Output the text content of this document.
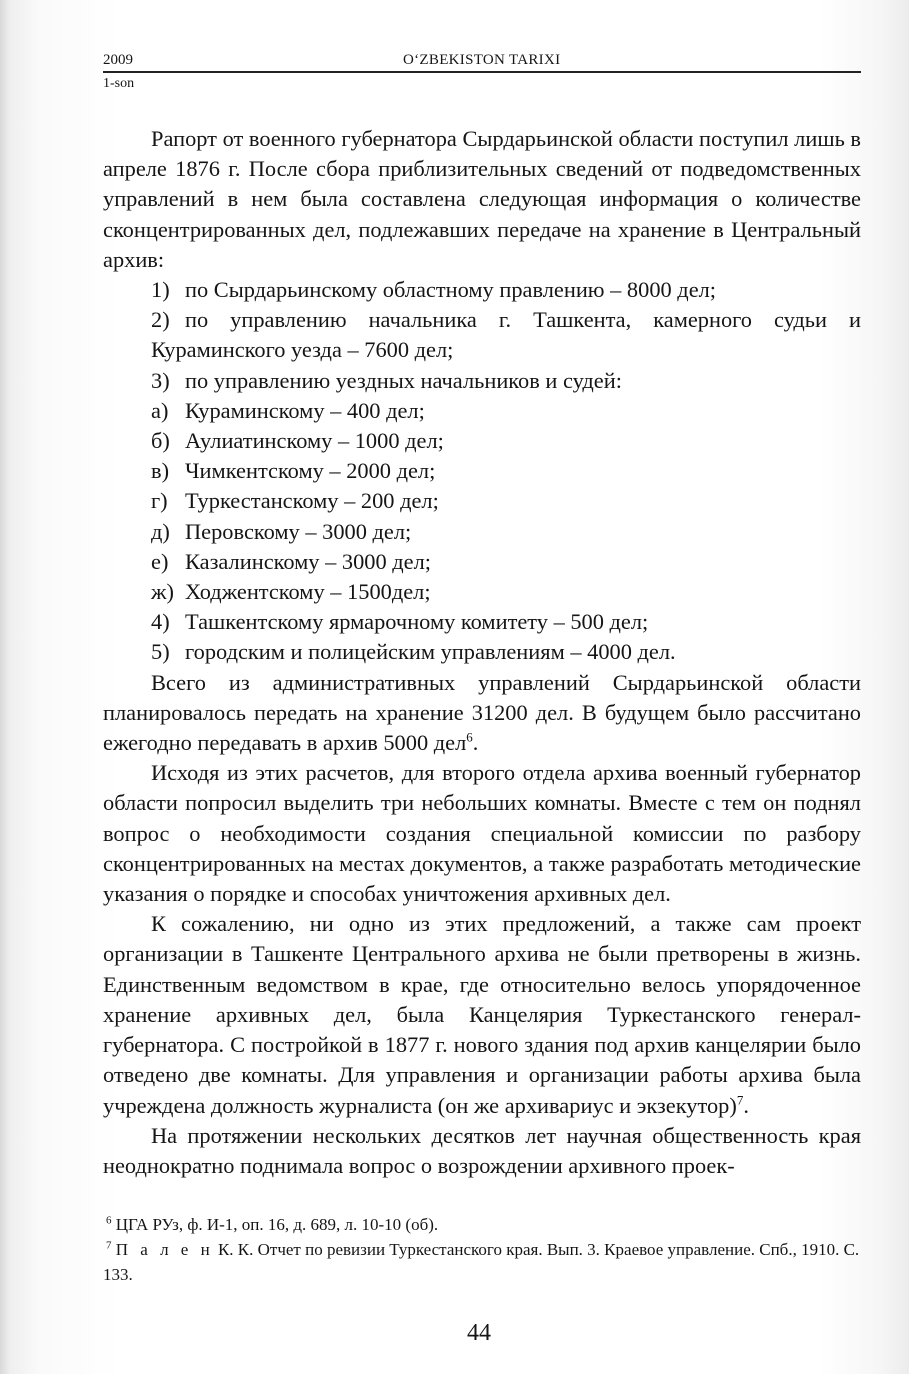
2009	O‘ZBEKISTON TARIXI
1-son

Рапорт от военного губернатора Сырдарьинской области поступил лишь в апреле 1876 г. После сбора приблизительных сведений от подведомственных управлений в нем была составлена следующая информация о количестве сконцентрированных дел, подлежавших передаче на хранение в Центральный архив:

1) по Сырдарьинскому областному правлению – 8000 дел;
2) по управлению начальника г. Ташкента, камерного судьи и Кураминского уезда – 7600 дел;
3) по управлению уездных начальников и судей:
а) Кураминскому – 400 дел;
б) Аулиатинскому – 1000 дел;
в) Чимкентскому – 2000 дел;
г) Туркестанскому – 200 дел;
д) Перовскому – 3000 дел;
е) Казалинскому – 3000 дел;
ж) Ходжентскому – 1500дел;
4) Ташкентскому ярмарочному комитету – 500 дел;
5) городским и полицейским управлениям – 4000 дел.

Всего из административных управлений Сырдарьинской области планировалось передать на хранение 31200 дел. В будущем было рассчитано ежегодно передавать в архив 5000 дел$^6$.

Исходя из этих расчетов, для второго отдела архива военный губернатор области попросил выделить три небольших комнаты. Вместе с тем он поднял вопрос о необходимости создания специальной комиссии по разбору сконцентрированных на местах документов, а также разработать методические указания о порядке и способах уничтожения архивных дел.

К сожалению, ни одно из этих предложений, а также сам проект организации в Ташкенте Центрального архива не были претворены в жизнь. Единственным ведомством в крае, где относительно велось упорядоченное хранение архивных дел, была Канцелярия Туркестанского генерал-губернатора. С постройкой в 1877 г. нового здания под архив канцелярии было отведено две комнаты. Для управления и организации работы архива была учреждена должность журналиста (он же архивариус и экзекутор)$^7$.

На протяжении нескольких десятков лет научная общественность края неоднократно поднимала вопрос о возрождении архивного проек-

$^6$ ЦГА РУз, ф. И-1, оп. 16, д. 689, л. 10-10 (об).
$^7$ П а л е н К. К. Отчет по ревизии Туркестанского края. Вып. 3. Краевое управление. Спб., 1910. С. 133.
44
